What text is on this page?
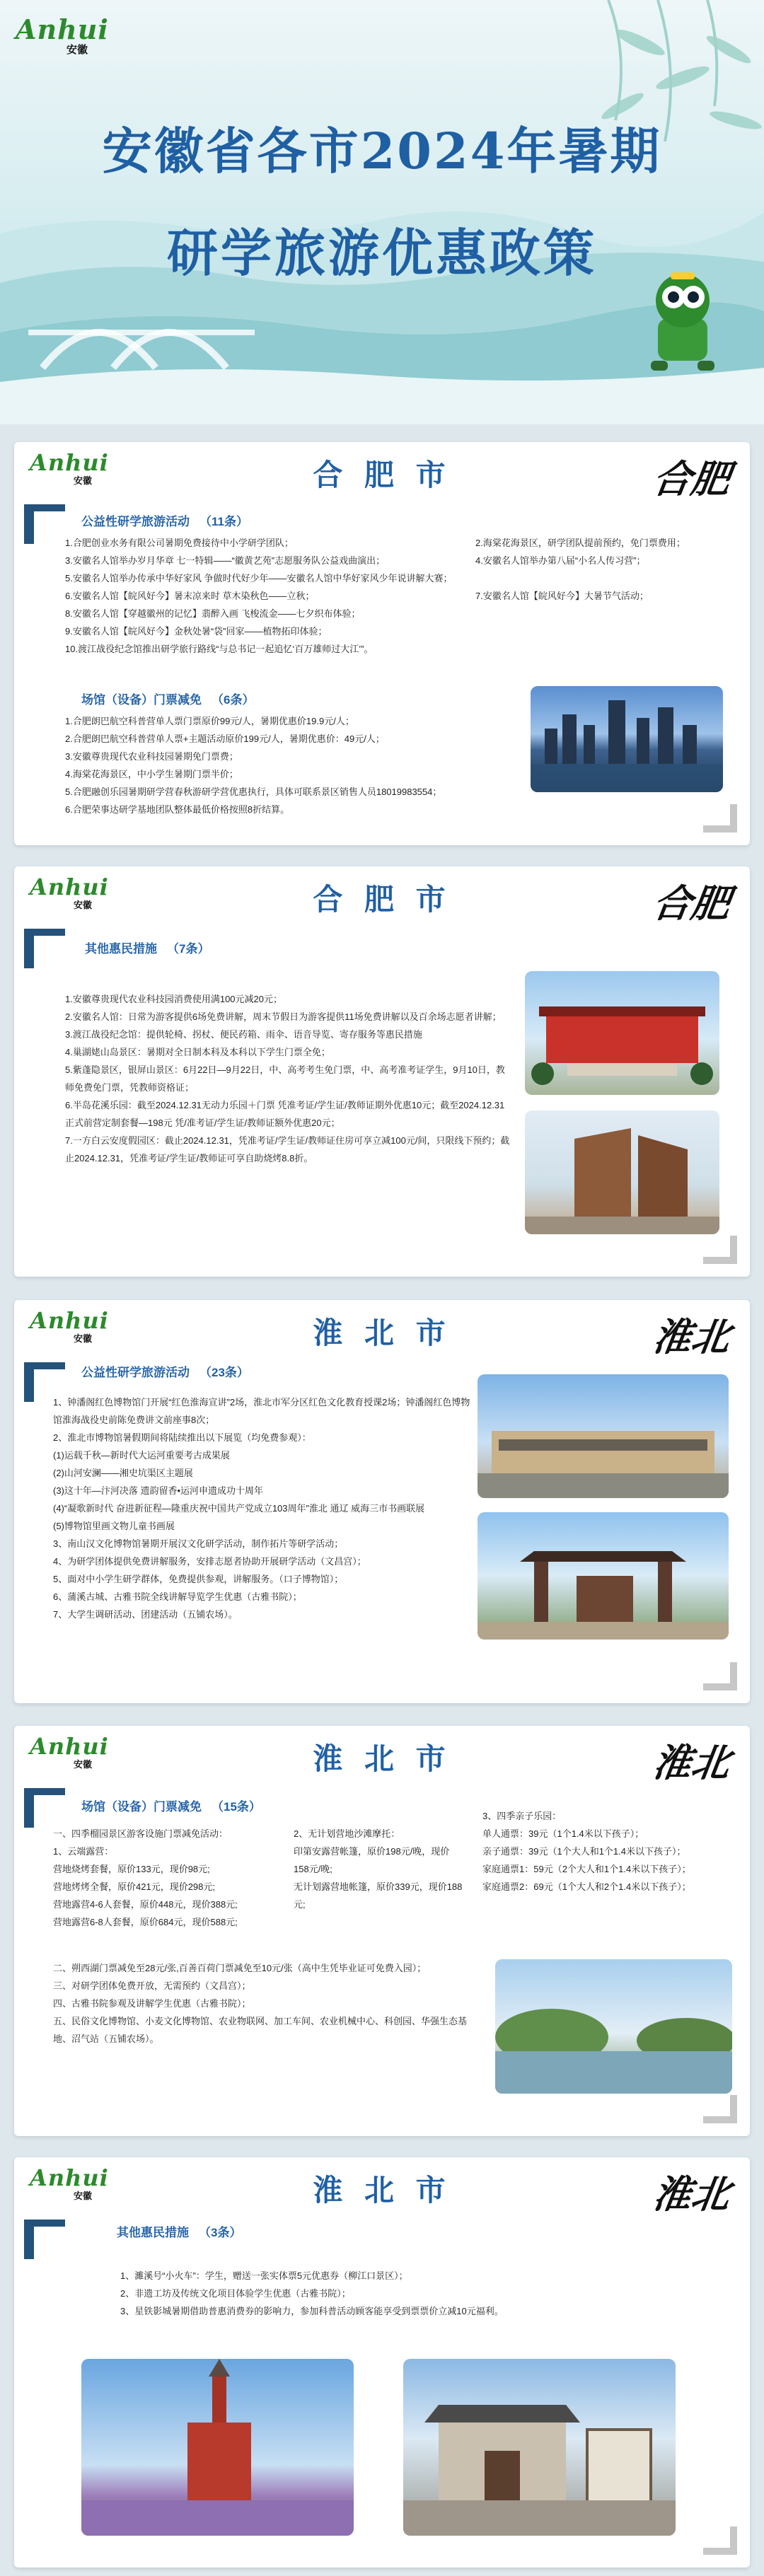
Anhui
安徽
安徽省各市2024年暑期
研学旅游优惠政策
Anhui
安徽	合 肥 市	合肥
公益性研学旅游活动 （11条）
1.合肥创业水务有限公司暑期免费接待中小学研学团队；	2.海棠花海景区，研学团队提前预约，免门票费用；
3.安徽名人馆举办岁月华章 七一特辑——“徽黄艺苑”志愿服务队公益戏曲演出；	4.安徽名人馆举办第八届“小名人传习营”；
5.安徽名人馆举办传承中华好家风 争做时代好少年——安徽名人馆中华好家风少年说讲解大赛；
6.安徽名人馆【皖风好今】暑末凉来时 草木染秋色——立秋；	7.安徽名人馆【皖风好今】大暑节气活动；
8.安徽名人馆【穿越徽州的记忆】翡醉入画 飞梭流金——七夕织布体验；
9.安徽名人馆【皖风好今】金秋处暑“袋”回家——植物拓印体验；
10.渡江战役纪念馆推出研学旅行路线“与总书记一起追忆‘百万雄师过大江’”。
场馆（设备）门票减免 （6条）
1.合肥朗巴航空科普营单人票门票原价99元/人，暑期优惠价19.9元/人；
2.合肥朗巴航空科普营单人票+主题活动原价199元/人，暑期优惠价：49元/人；
3.安徽尊贵现代农业科技园暑期免门票费；
4.海棠花海景区，中小学生暑期门票半价；
5.合肥融创乐园暑期研学营春秋游研学营优惠执行，具体可联系景区销售人员18019983554；
6.合肥荣事达研学基地团队整体最低价格按照8折结算。
Anhui
安徽	合 肥 市	合肥
其他惠民措施 （7条）
1.安徽尊贵现代农业科技园消费使用满100元减20元；
2.安徽名人馆：日常为游客提供6场免费讲解，周末节假日为游客提供11场免费讲解以及百余场志愿者讲解；
3.渡江战役纪念馆：提供轮椅、拐杖、便民药箱、雨伞、语音导览、寄存服务等惠民措施
4.巢湖姥山岛景区：暑期对全日制本科及本科以下学生门票全免；
5.紫蓬隐景区，银屏山景区：6月22日—9月22日，中、高考考生免门票，中、高考准考证学生，9月10日，教师免费免门票，凭教师资格证；
6.半岛花溪乐园：截至2024.12.31无动力乐园＋门票 凭准考证/学生证/教师证期外优惠10元；截至2024.12.31正式前营定制套餐—198元 凭/准考证/学生证/教师证额外优惠20元；
7.一方白云安度假园区：截止2024.12.31，凭准考证/学生证/教师证住房可享立减100元/间，只限线下预约；截止2024.12.31，凭准考证/学生证/教师证可享自助烧烤8.8折。
Anhui
安徽	淮 北 市	淮北
公益性研学旅游活动 （23条）
1、钟潘阁红色博物馆门开展“红色淮海宣讲”2场，淮北市军分区红色文化教育授课2场；钟潘阁红色博物馆淮海战役史前陈免费讲文前座事8次；
2、淮北市博物馆暑假期间将陆续推出以下展览（均免费参观）：
(1)运载千秋—新时代大运河重要考古成果展
(2)山河安澜——湘史坑渠区主题展
(3)这十年—汴河决落 遗韵留香•运河申遗成功十周年
(4)“凝歌新时代 奋进新征程—隆重庆祝中国共产党成立103周年”淮北 通辽 威海三市书画联展
(5)博物馆里画文物儿童书画展
3、南山汉文化博物馆暑期开展汉文化研学活动，制作拓片等研学活动；
4、为研学团体提供免费讲解服务，安排志愿者协助开展研学活动（文昌宫）；
5、面对中小学生研学群体，免费提供参观，讲解服务。（口子博物馆）；
6、蒲溪古城、古雅书院全线讲解导览学生优惠（古雅书院）；
7、大学生调研活动、团建活动（五铺农场）。
Anhui
安徽	淮 北 市	淮北
场馆（设备）门票减免 （15条）
一、四季榴园景区游客设施门票减免活动：
1、云端露营：
营地烧烤套餐，原价133元，现价98元;
营地烤烤全餐，原价421元，现价298元;
营地露营4-6人套餐，原价448元，现价388元;
营地露营6-8人套餐，原价684元，现价588元;
2、无计划营地沙滩摩托：
印第安露营帐篷，原价198元/晚，现价158元/晚;
无计划露营地帐篷，原价339元，现价188元;
3、四季亲子乐园：
单人通票：39元（1个1.4米以下孩子）；
亲子通票：39元（1个大人和1个1.4米以下孩子）；
家庭通票1：59元（2个大人和1个1.4米以下孩子）；
家庭通票2：69元（1个大人和2个1.4米以下孩子）；
二、朔西湖门票减免至28元/张,百善百荷门票减免至10元/张（高中生凭毕业证可免费入园）；
三、对研学团体免费开放，无需预约（文昌宫）；
四、古雅书院参观及讲解学生优惠（古雅书院）；
五、民俗文化博物馆、小麦文化博物馆、农业物联网、加工车间、农业机械中心、科创园、华强生态基地、沼气站（五铺农场）。
Anhui
安徽	淮 北 市	淮北
其他惠民措施 （3条）
1、濉溪号“小火车”：学生，赠送一张实体票5元优惠券（柳江口景区）；
2、非遗工坊及传统文化项目体验学生优惠（古雅书院）；
3、星铁影城暑期借助普惠消费券的影响力，参加科普活动顾客能享受到票票价立减10元福利。
